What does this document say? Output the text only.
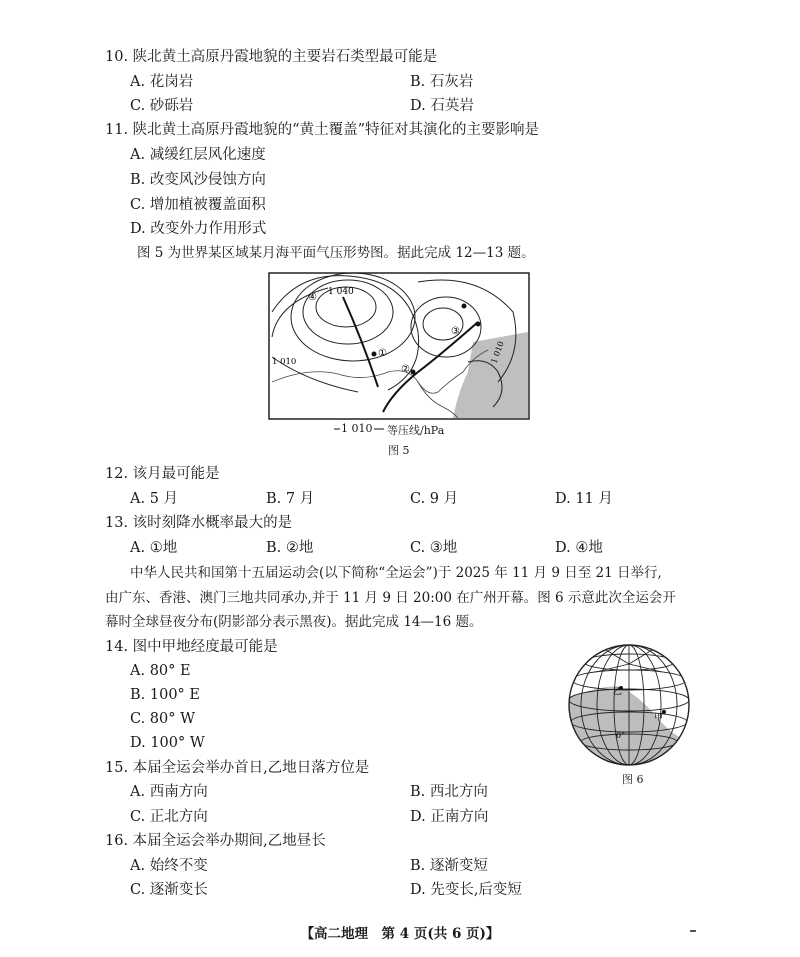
10. 陕北黄土高原丹霞地貌的主要岩石类型最可能是
A. 花岗岩	B. 石灰岩
C. 砂砾岩	D. 石英岩
11. 陕北黄土高原丹霞地貌的“黄土覆盖”特征对其演化的主要影响是
A. 减缓红层风化速度
B. 改变风沙侵蚀方向
C. 增加植被覆盖面积
D. 改变外力作用形式
图 5 为世界某区域某月海平面气压形势图。据此完成 12—13 题。
1 040
1 010	1 010
④
①
②
③
1 010 等压线/hPa
图 5
12. 该月最可能是
A. 5 月	B. 7 月	C. 9 月	D. 11 月
13. 该时刻降水概率最大的是
A. ①地	B. ②地	C. ③地	D. ④地
中华人民共和国第十五届运动会(以下简称“全运会”)于 2025 年 11 月 9 日至 21 日举行,
由广东、香港、澳门三地共同承办,并于 11 月 9 日 20:00 在广州开幕。图 6 示意此次全运会开
幕时全球昼夜分布(阴影部分表示黑夜)。据此完成 14—16 题。
14. 图中甲地经度最可能是
A. 80° E
B. 100° E
C. 80° W
D. 100° W
乙
甲
0°
图 6
15. 本届全运会举办首日,乙地日落方位是
A. 西南方向	B. 西北方向
C. 正北方向	D. 正南方向
16. 本届全运会举办期间,乙地昼长
A. 始终不变	B. 逐渐变短
C. 逐渐变长	D. 先变长,后变短
【高二地理　第 4 页(共 6 页)】
